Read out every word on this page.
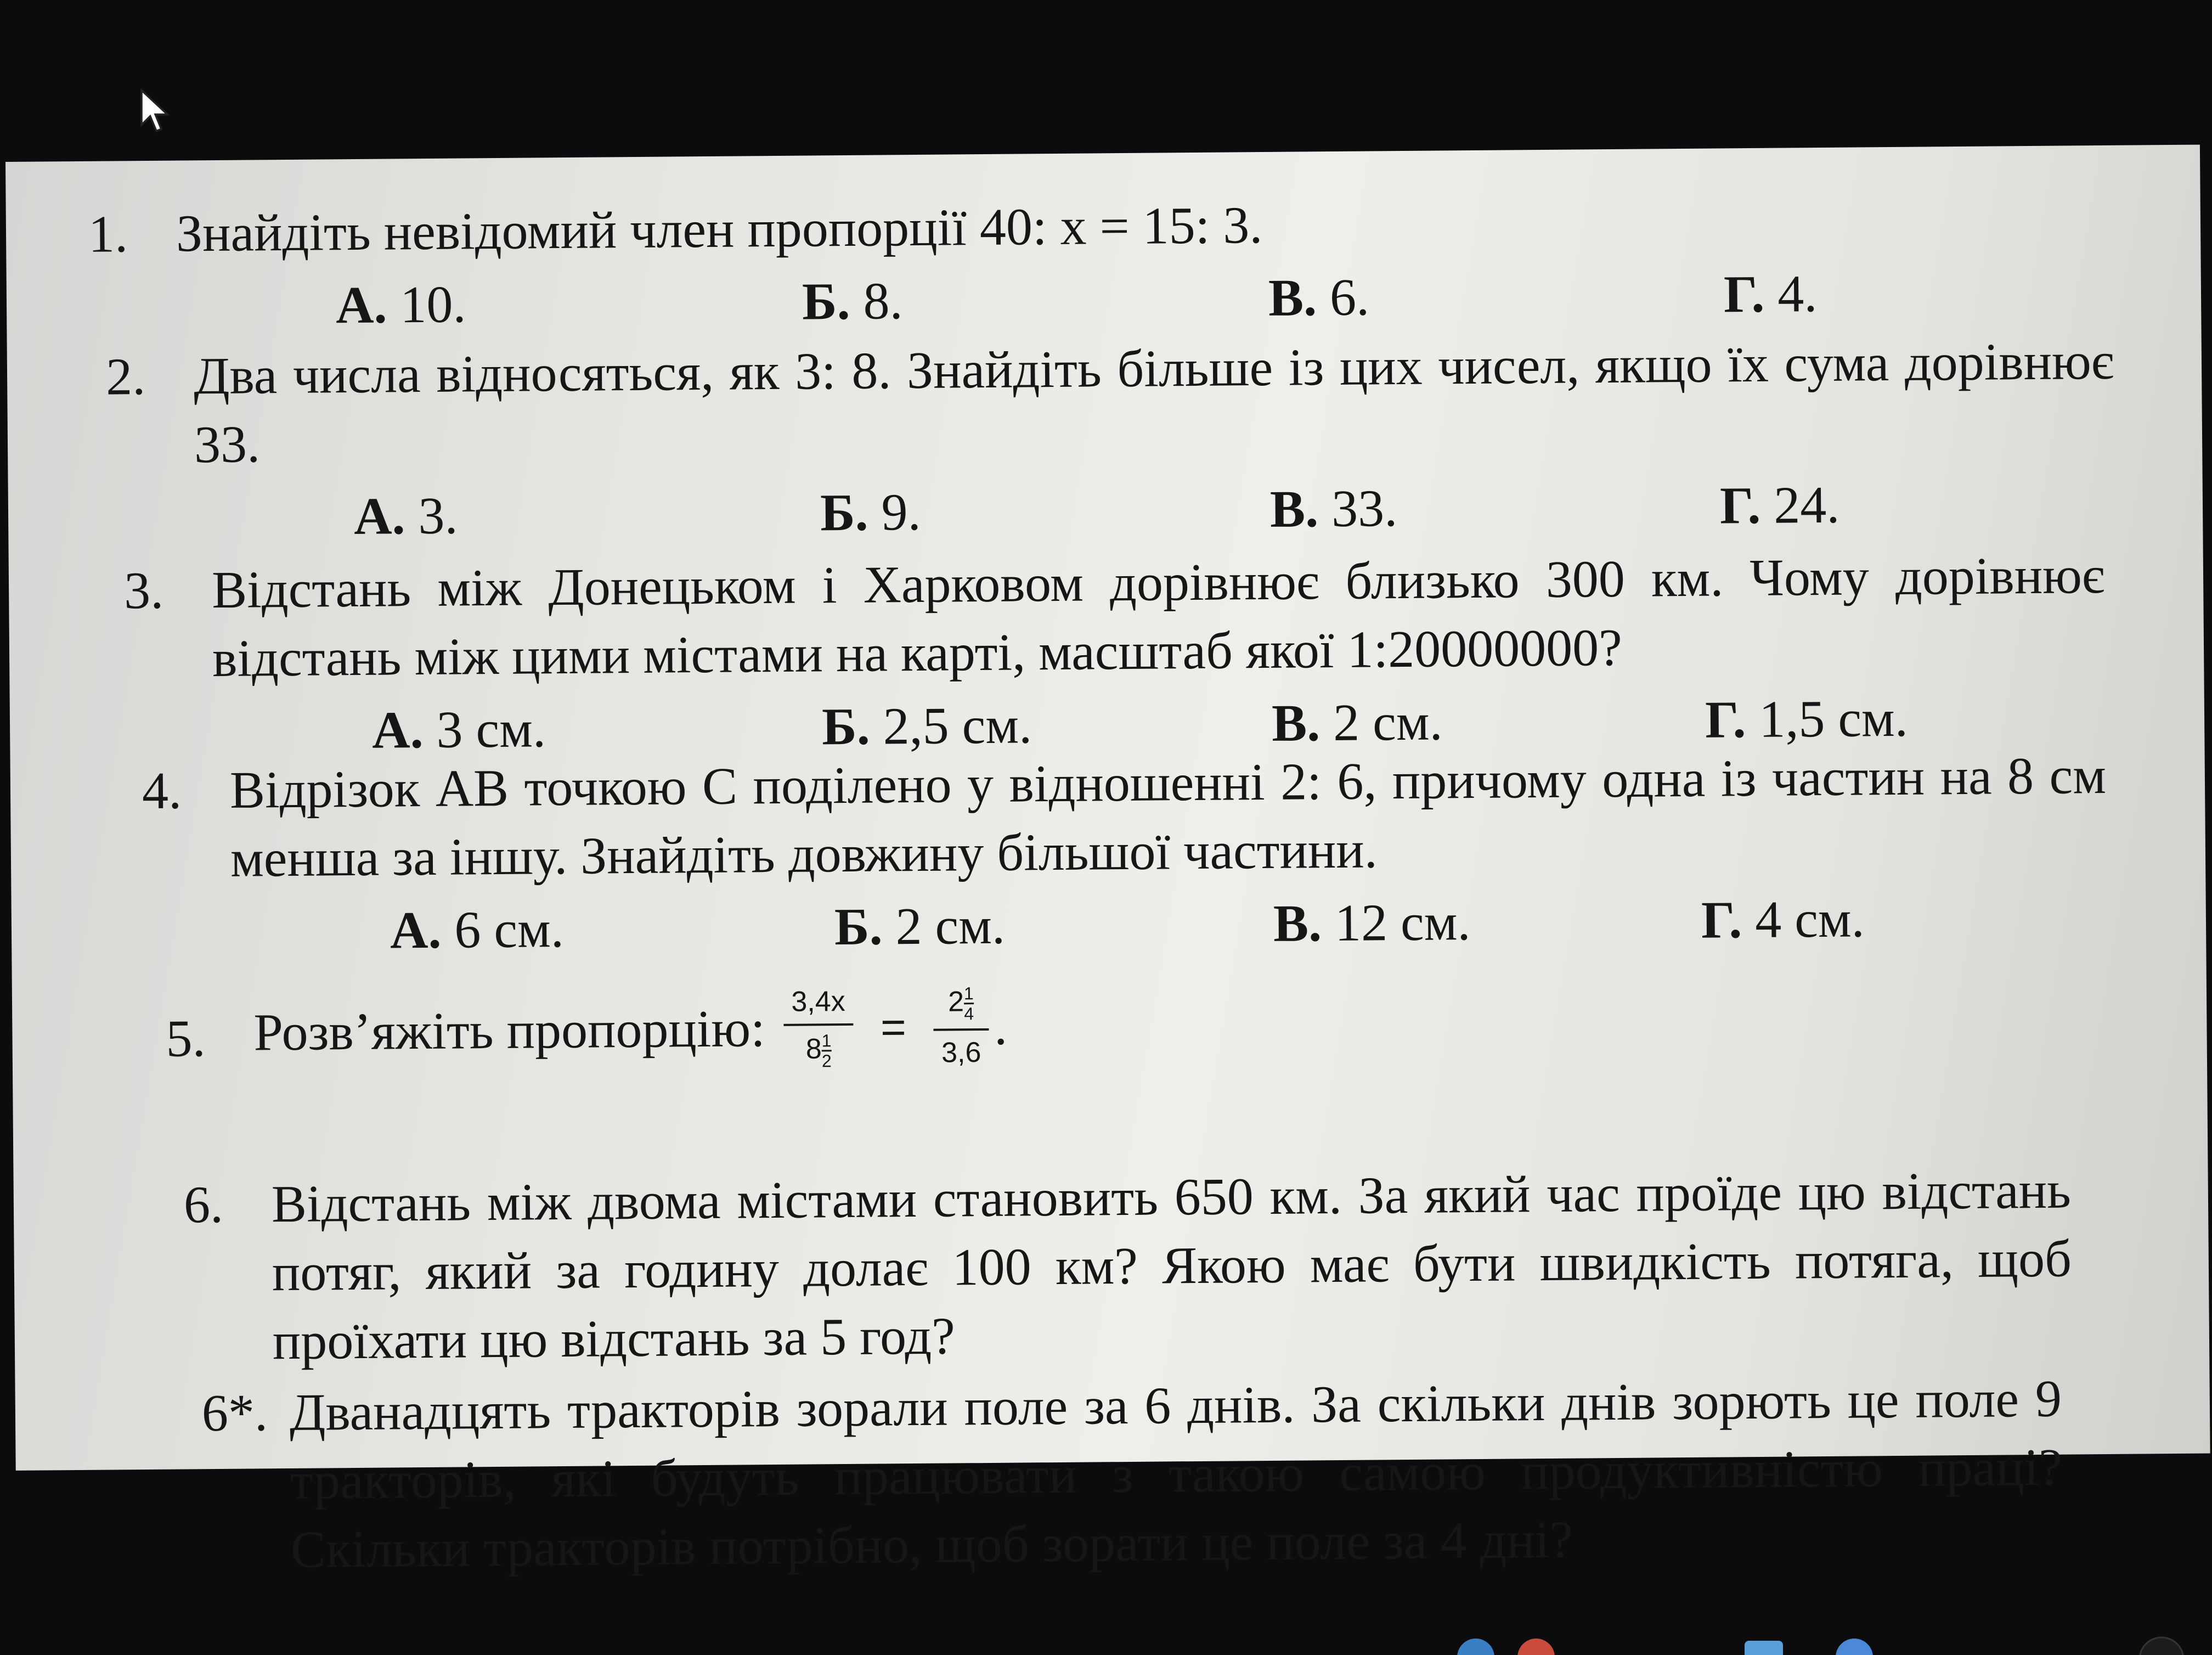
1. Знайдіть невідомий член пропорції 40: x = 15: 3.
А. 10.	Б. 8.	В. 6.	Г. 4.
2. Два числа відносяться, як 3: 8. Знайдіть більше із цих чисел, якщо їх сума дорівнює 33.
А. 3.	Б. 9.	В. 33.	Г. 24.
3. Відстань між Донецьком і Харковом дорівнює близько 300 км. Чому дорівнює відстань між цими містами на карті, масштаб якої 1:20000000?
А. 3 см.	Б. 2,5 см.	В. 2 см.	Г. 1,5 см.
4. Відрізок AB точкою C поділено у відношенні 2: 6, причому одна із частин на 8 см менша за іншу. Знайдіть довжину більшої частини.
А. 6 см.	Б. 2 см.	В. 12 см.	Г. 4 см.
5. Розв’яжіть пропорцію: $\frac{3,4x}{8 \frac{1}{2}} = \frac{2 \frac{1}{4}}{3,6}$ .
6. Відстань між двома містами становить 650 км. За який час проїде цю відстань потяг, який за годину долає 100 км? Якою має бути швидкість потяга, щоб проїхати цю відстань за 5 год?
6*. Дванадцять тракторів зорали поле за 6 днів. За скільки днів зорють це поле 9 тракторів, які будуть працювати з такою самою продуктивністю праці? Скільки тракторів потрібно, щоб зорати це поле за 4 дні?
